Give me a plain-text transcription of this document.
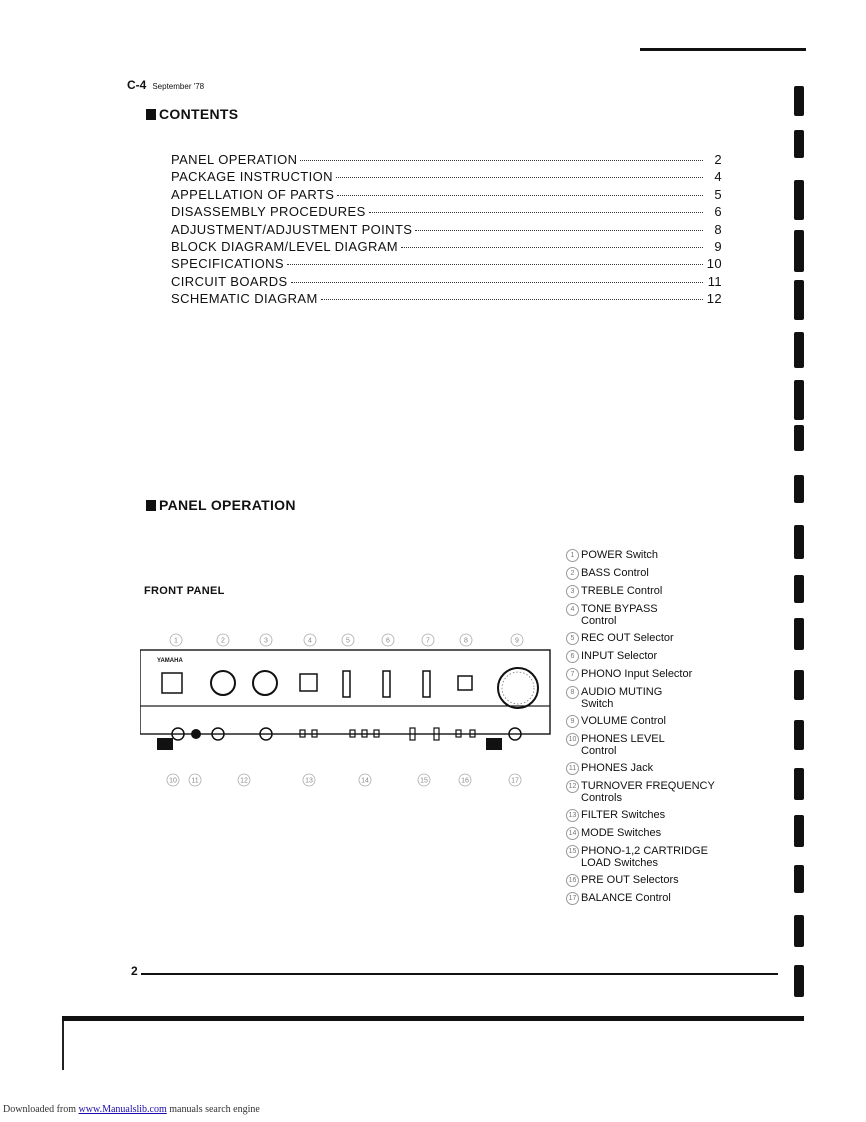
C-4 September '78
CONTENTS
PANEL OPERATION	2
PACKAGE INSTRUCTION	4
APPELLATION OF PARTS	5
DISASSEMBLY PROCEDURES	6
ADJUSTMENT/ADJUSTMENT POINTS	8
BLOCK DIAGRAM/LEVEL DIAGRAM	9
SPECIFICATIONS	10
CIRCUIT BOARDS	11
SCHEMATIC DIAGRAM	12
PANEL OPERATION
FRONT PANEL
1	2	3	4	5	6	7	8	9
YAMAHA
10 11	12	13	14	15	16	17
1 POWER Switch
2 BASS Control
3 TREBLE Control
4 TONE BYPASS
Control
5 REC OUT Selector
6 INPUT Selector
7 PHONO Input Selector
8 AUDIO MUTING
Switch
9 VOLUME Control
10 PHONES LEVEL
Control
11 PHONES Jack
12 TURNOVER FREQUENCY
Controls
13 FILTER Switches
14 MODE Switches
15 PHONO-1,2 CARTRIDGE
LOAD Switches
16 PRE OUT Selectors
17 BALANCE Control
2
Downloaded from www.Manualslib.com manuals search engine
